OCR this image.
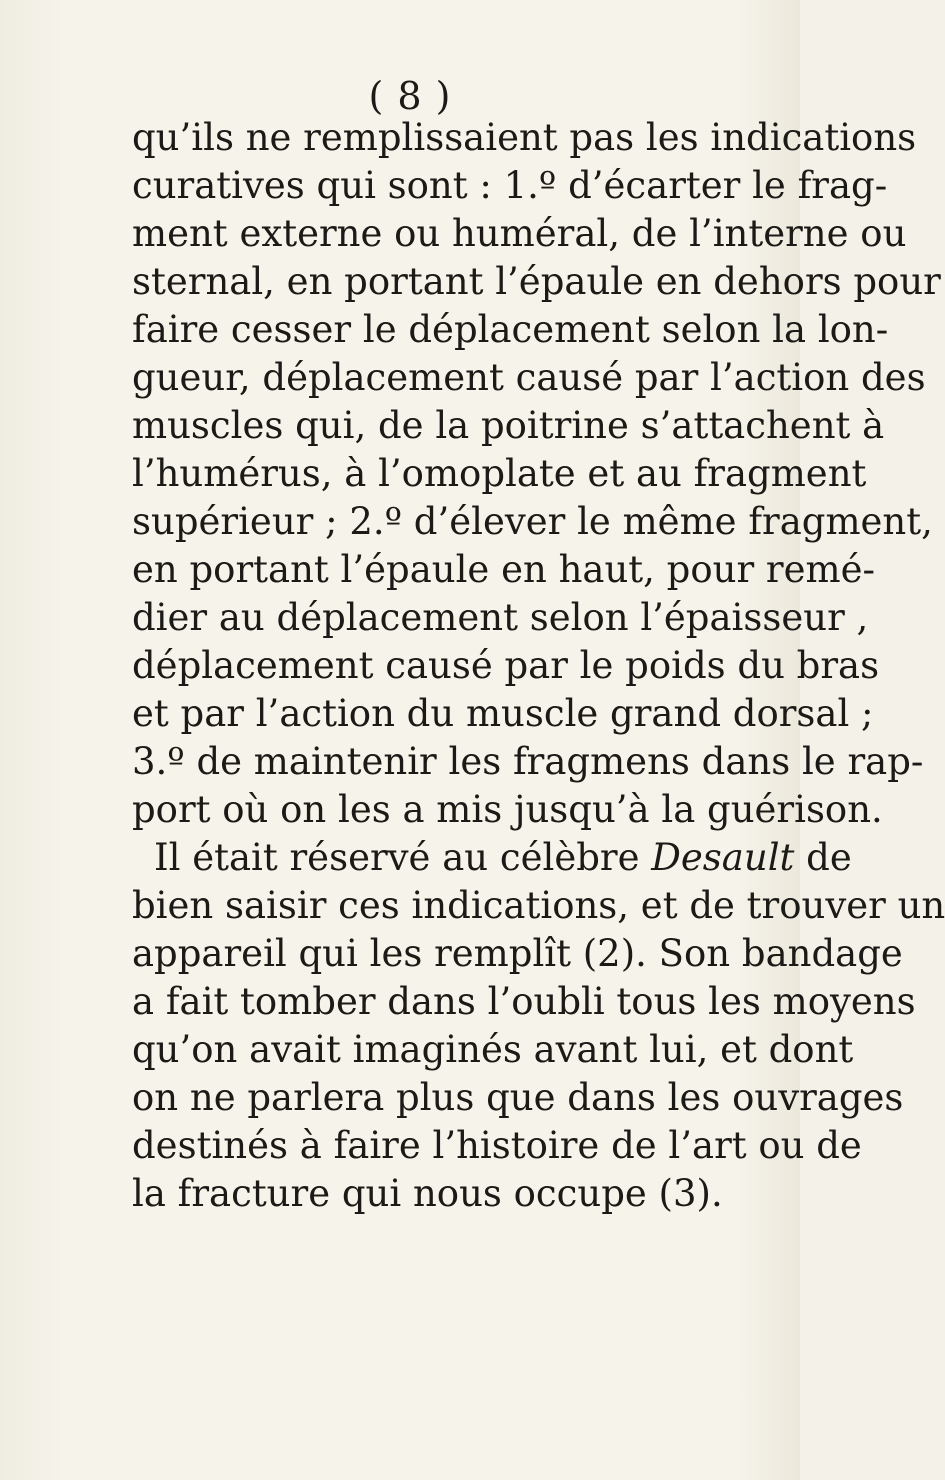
( 8 )
qu’ils ne remplissaient pas les indications
curatives qui sont : 1.º d’écarter le frag-
ment externe ou huméral, de l’interne ou
sternal, en portant l’épaule en dehors pour
faire cesser le déplacement selon la lon-
gueur, déplacement causé par l’action des
muscles qui, de la poitrine s’attachent à
l’humérus, à l’omoplate et au fragment
supérieur ; 2.º d’élever le même fragment,
en portant l’épaule en haut, pour remé-
dier au déplacement selon l’épaisseur ,
déplacement causé par le poids du bras
et par l’action du muscle grand dorsal ;
3.º de maintenir les fragmens dans le rap-
port où on les a mis jusqu’à la guérison.
Il était réservé au célèbre Desault de
bien saisir ces indications, et de trouver un
appareil qui les remplît (2). Son bandage
a fait tomber dans l’oubli tous les moyens
qu’on avait imaginés avant lui, et dont
on ne parlera plus que dans les ouvrages
destinés à faire l’histoire de l’art ou de
la fracture qui nous occupe (3).
